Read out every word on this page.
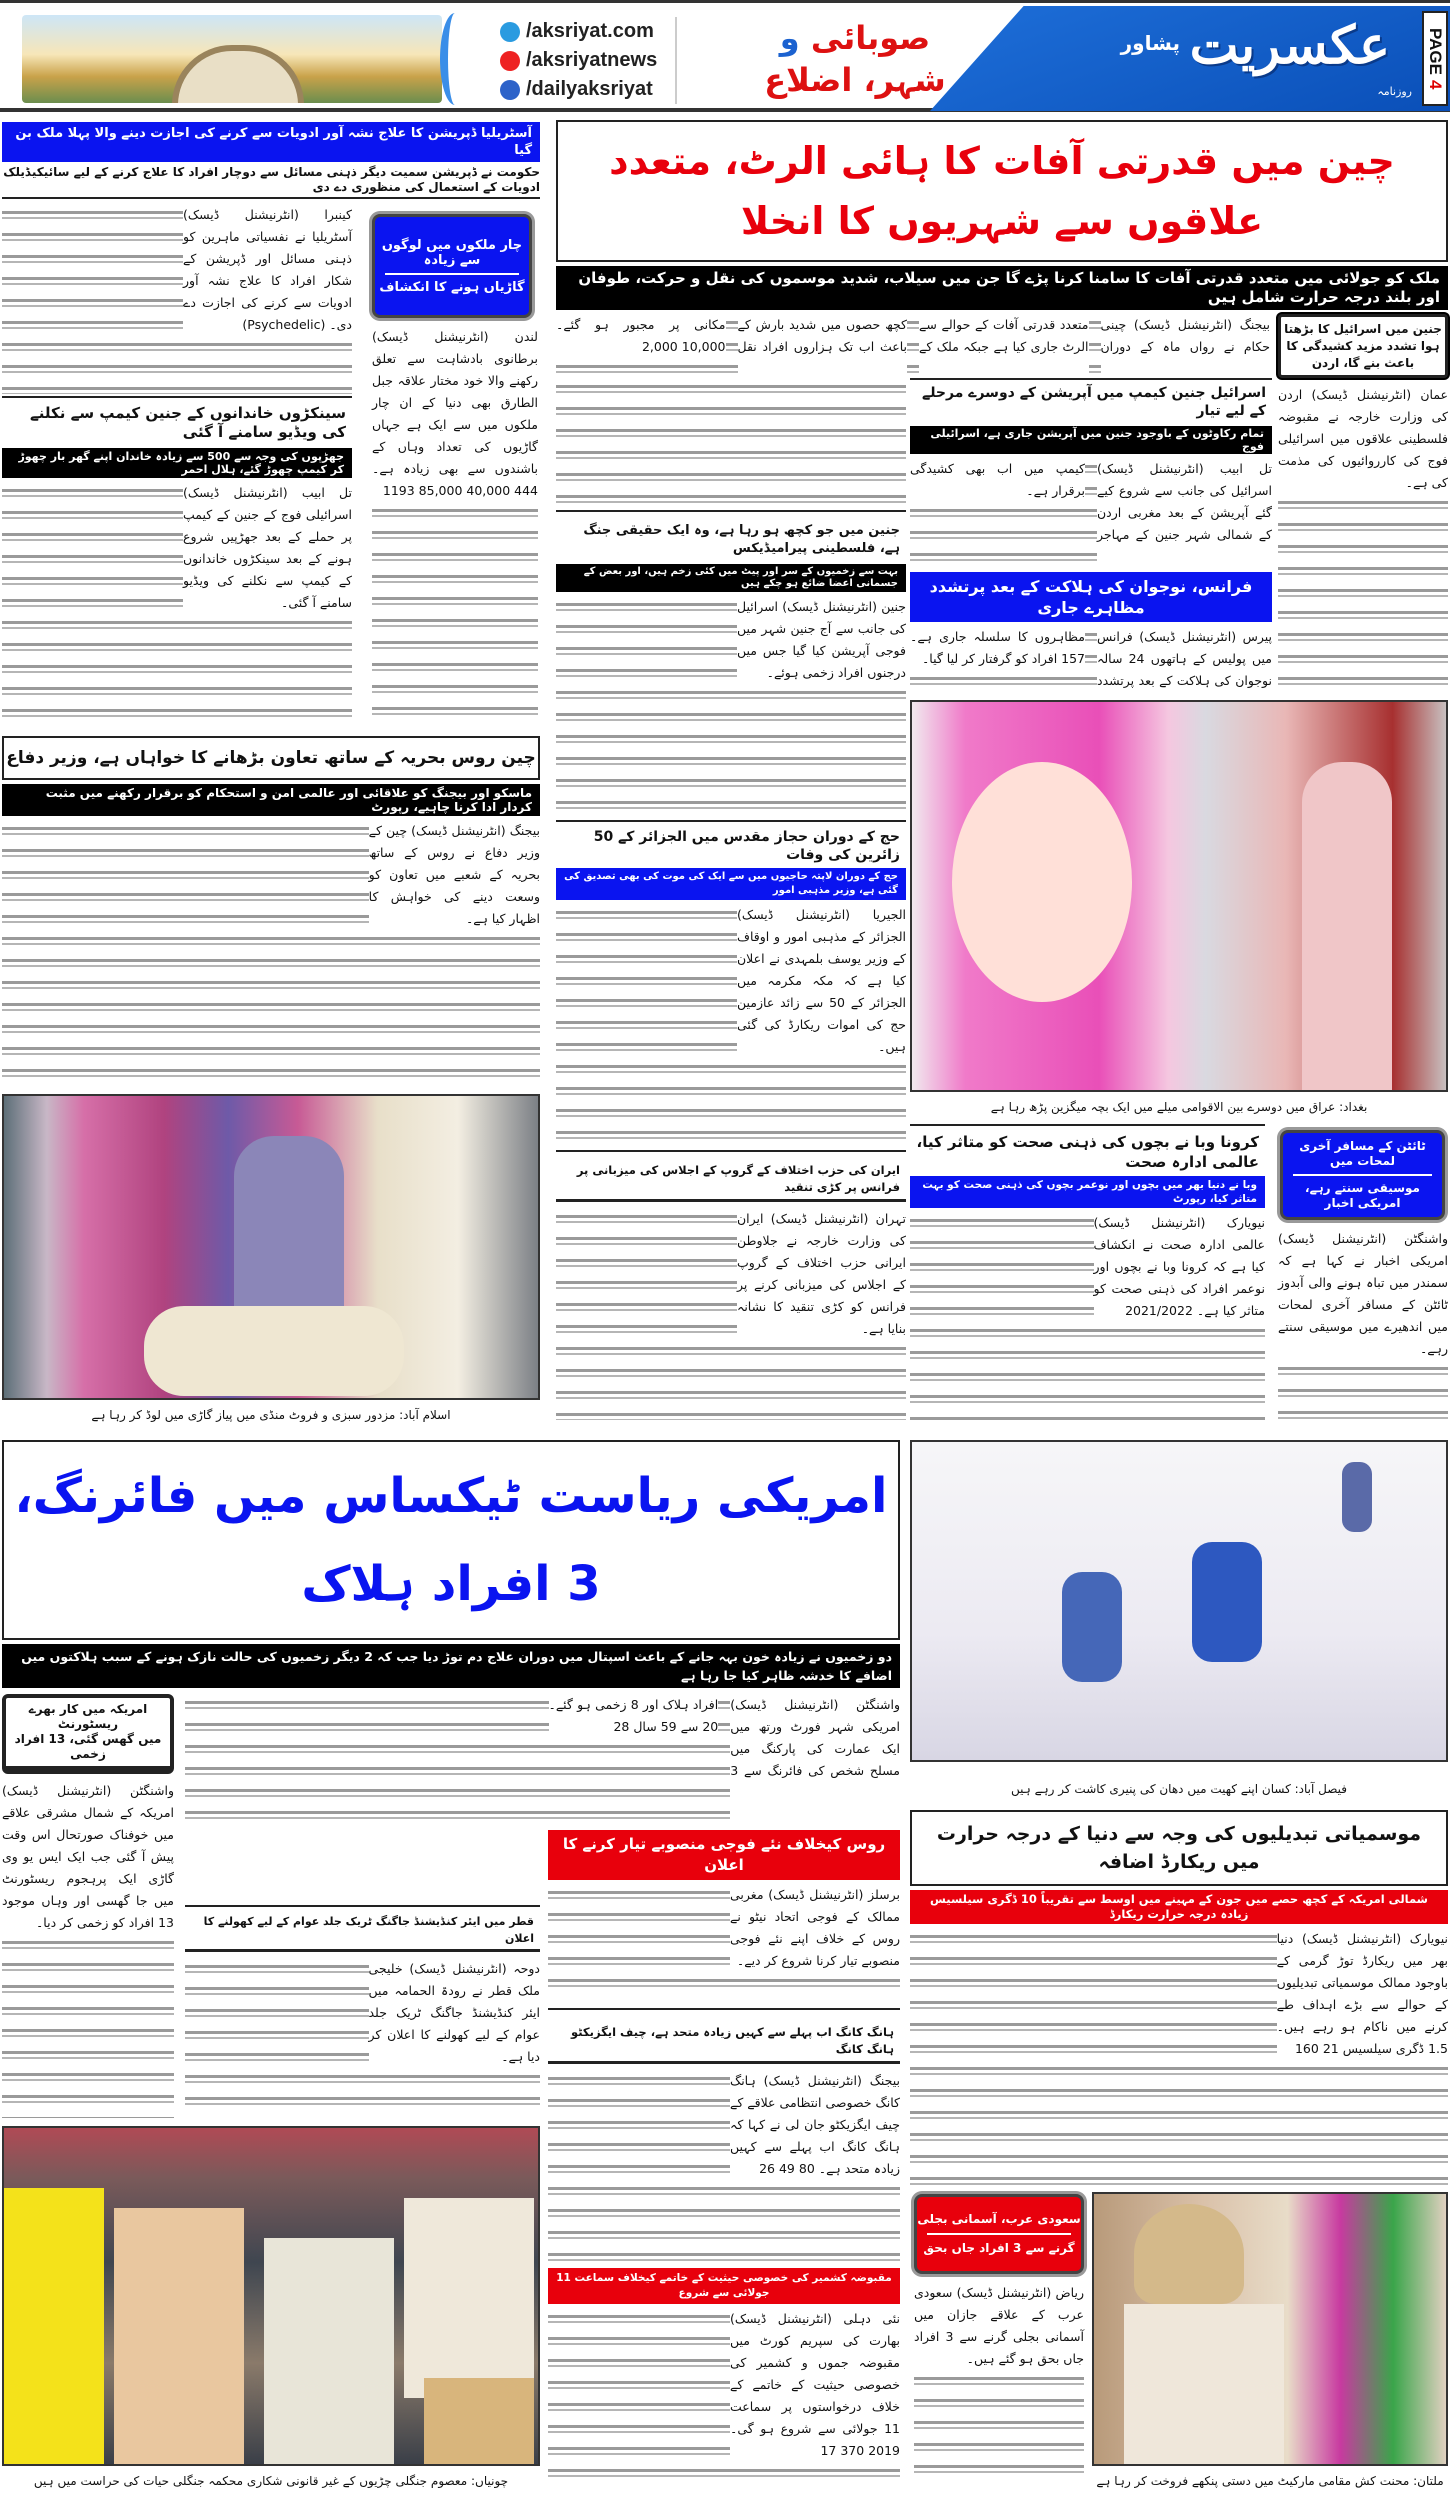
/aksriyat.com
/aksriyatnews
/dailyaksriyat
صوبائی و
شہر، اضلاع
عکسریت
پشاور
روزنامہ
PAGE

4
آسٹریلیا ڈپریشن کا علاج نشہ آور ادویات سے کرنے کی اجازت دینے والا پہلا ملک بن گیا
حکومت نے ڈپریشن سمیت دیگر ذہنی مسائل سے دوچار افراد کا علاج کرنے کے لیے سائیکیڈیلک ادویات کے استعمال کی منظوری دے دی

کینبرا (انٹرنیشنل ڈیسک) آسٹریلیا نے نفسیاتی ماہرین کو ذہنی مسائل اور ڈپریشن کے شکار افراد کا علاج نشہ آور ادویات سے کرنے کی اجازت دے دی۔ (Psychedelic)

چار ملکوں میں لوگوں سے زیادہ
گاڑیاں ہونے کا انکشاف

لندن (انٹرنیشنل ڈیسک) برطانوی بادشاہت سے تعلق رکھنے والا خود مختار علاقہ جبل الطارق بھی دنیا کے ان چار ملکوں میں سے ایک ہے جہاں گاڑیوں کی تعداد وہاں کے باشندوں سے بھی زیادہ ہے۔ 444 40,000 85,000 1193

سینکڑوں خاندانوں کے جنین کیمپ سے نکلنے کی ویڈیو سامنے آ گئی
جھڑپوں کی وجہ سے 500 سے زیادہ خاندان اپنے گھر بار چھوڑ کر کیمپ چھوڑ گئے، ہلال احمر

تل ابیب (انٹرنیشنل ڈیسک) اسرائیلی فوج کے جنین کے کیمپ پر حملے کے بعد جھڑپیں شروع ہونے کے بعد سینکڑوں خاندانوں کے کیمپ سے نکلنے کی ویڈیو سامنے آ گئی۔

چین روس بحریہ کے ساتھ تعاون بڑھانے کا خواہاں ہے، وزیر دفاع
ماسکو اور بیجنگ کو علاقائی اور عالمی امن و استحکام کو برقرار رکھنے میں مثبت کردار ادا کرنا چاہیے، رپورٹ

بیجنگ (انٹرنیشنل ڈیسک) چین کے وزیر دفاع نے روس کے ساتھ بحریہ کے شعبے میں تعاون کو وسعت دینے کی خواہش کا اظہار کیا ہے۔

اسلام آباد: مزدور سبزی و فروٹ منڈی میں پیاز گاڑی میں لوڈ کر رہا ہے
چین میں قدرتی آفات کا ہائی الرٹ، متعدد علاقوں سے شہریوں کا انخلا
ملک کو جولائی میں متعدد قدرتی آفات کا سامنا کرنا پڑے گا جن میں سیلاب، شدید موسموں کی نقل و حرکت، طوفان اور بلند درجہ حرارت شامل ہیں

بیجنگ (انٹرنیشنل ڈیسک) چینی حکام نے رواں ماہ کے دوران متعدد قدرتی آفات کے حوالے سے الرٹ جاری کیا ہے جبکہ ملک کے کچھ حصوں میں شدید بارش کے باعث اب تک ہزاروں افراد نقل مکانی پر مجبور ہو گئے۔ 10,000 2,000

جنین میں اسرائیل کا بڑھتا ہوا تشدد مزید کشیدگی کا باعث بنے گا، اردن

عمان (انٹرنیشنل ڈیسک) اردن کی وزارت خارجہ نے مقبوضہ فلسطینی علاقوں میں اسرائیلی فوج کی کارروائیوں کی مذمت کی ہے۔

اسرائیل جنین کیمپ میں آپریشن کے دوسرے مرحلے کے لیے تیار
تمام رکاوٹوں کے باوجود جنین میں آپریشن جاری ہے، اسرائیلی فوج

تل ابیب (انٹرنیشنل ڈیسک) اسرائیل کی جانب سے شروع کیے گئے آپریشن کے بعد مغربی اردن کے شمالی شہر جنین کے مہاجر کیمپ میں اب بھی کشیدگی برقرار ہے۔

فرانس، نوجوان کی ہلاکت کے بعد پرتشدد مظاہرے جاری

پیرس (انٹرنیشنل ڈیسک) فرانس میں پولیس کے ہاتھوں 24 سالہ نوجوان کی ہلاکت کے بعد پرتشدد مظاہروں کا سلسلہ جاری ہے۔ 157 افراد کو گرفتار کر لیا گیا۔

جنین میں جو کچھ ہو رہا ہے، وہ ایک حقیقی جنگ ہے، فلسطینی پیرامیڈیکس
بہت سے زخمیوں کے سر اور پیٹ میں کئی زخم ہیں، اور بعض کے جسمانی اعضا ضائع ہو چکے ہیں

جنین (انٹرنیشنل ڈیسک) اسرائیل کی جانب سے آج جنین شہر میں فوجی آپریشن کیا گیا جس میں درجنوں افراد زخمی ہوئے۔

حج کے دوران حجاز مقدس میں الجزائر کے 50 زائرین کی وفات
حج کے دوران لاپتہ حاجیوں میں سے ایک کی موت کی بھی تصدیق کی گئی ہے، وزیر مذہبی امور

الجیریا (انٹرنیشنل ڈیسک) الجزائر کے مذہبی امور و اوقاف کے وزیر یوسف بلمہدی نے اعلان کیا ہے کہ مکہ مکرمہ میں الجزائر کے 50 سے زائد عازمین حج کی اموات ریکارڈ کی گئی ہیں۔

ایران کی حزب اختلاف کے گروپ کے اجلاس کی میزبانی پر فرانس پر کڑی تنقید

تہران (انٹرنیشنل ڈیسک) ایران کی وزارت خارجہ نے جلاوطن ایرانی حزب اختلاف کے گروپ کے اجلاس کی میزبانی کرنے پر فرانس کو کڑی تنقید کا نشانہ بنایا ہے۔

بغداد: عراق میں دوسرے بین الاقوامی میلے میں ایک بچہ میگزین پڑھ رہا ہے
کرونا وبا نے بچوں کی ذہنی صحت کو متاثر کیا، عالمی ادارہ صحت
وبا نے دنیا بھر میں بچوں اور نوعمر بچوں کی ذہنی صحت کو بہت متاثر کیا، رپورٹ

نیویارک (انٹرنیشنل ڈیسک) عالمی ادارہ صحت نے انکشاف کیا ہے کہ کرونا وبا نے بچوں اور نوعمر افراد کی ذہنی صحت کو متاثر کیا ہے۔ 2021/2022

ٹائٹن کے مسافر آخری لمحات میں
موسیقی سنتے رہے، امریکی اخبار

واشنگٹن (انٹرنیشنل ڈیسک) امریکی اخبار نے کہا ہے کہ سمندر میں تباہ ہونے والی آبدوز ٹائٹن کے مسافر آخری لمحات میں اندھیرے میں موسیقی سنتے رہے۔

امریکی ریاست ٹیکساس میں فائرنگ، 3 افراد ہلاک
دو زخمیوں نے زیادہ خون بہہ جانے کے باعث اسپتال میں دوران علاج دم توڑ دیا جب کہ 2 دیگر زخمیوں کی حالت نازک ہونے کے سبب ہلاکتوں میں اضافے کا خدشہ ظاہر کیا جا رہا ہے

واشنگٹن (انٹرنیشنل ڈیسک) امریکی شہر فورٹ ورتھ میں ایک عمارت کی پارکنگ میں مسلح شخص کی فائرنگ سے 3 افراد ہلاک اور 8 زخمی ہو گئے۔ 20 سے 59 سال 28

امریکہ میں کار بھرے ریسٹورنٹ
میں گھس گئی، 13 افراد زخمی

واشنگٹن (انٹرنیشنل ڈیسک) امریکہ کے شمال مشرقی علاقے میں خوفناک صورتحال اس وقت پیش آ گئی جب ایک ایس یو وی گاڑی ایک پرہجوم ریسٹورنٹ میں جا گھسی اور وہاں موجود 13 افراد کو زخمی کر دیا۔	قطر میں ایئر کنڈیشنڈ جاگنگ ٹریک جلد عوام کے لیے کھولنے کا اعلان

دوحہ (انٹرنیشنل ڈیسک) خلیجی ملک قطر نے رودۃ الحمامہ میں ایئر کنڈیشنڈ جاگنگ ٹریک جلد عوام کے لیے کھولنے کا اعلان کر دیا ہے۔

روس کیخلاف نئے فوجی منصوبے تیار کرنے کا اعلان

برسلز (انٹرنیشنل ڈیسک) مغربی ممالک کے فوجی اتحاد نیٹو نے روس کے خلاف اپنے نئے فوجی منصوبے تیار کرنا شروع کر دیے۔

ہانگ کانگ اب پہلے سے کہیں زیادہ متحد ہے، چیف ایگزیکٹو ہانگ کانگ

بیجنگ (انٹرنیشنل ڈیسک) ہانگ کانگ خصوصی انتظامی علاقے کے چیف ایگزیکٹو جان لی نے کہا کہ ہانگ کانگ اب پہلے سے کہیں زیادہ متحد ہے۔ 80 49 26

مقبوضہ کشمیر کی خصوصی حیثیت کے خاتمے کیخلاف سماعت 11 جولائی سے شروع

نئی دہلی (انٹرنیشنل ڈیسک) بھارت کی سپریم کورٹ میں مقبوضہ جموں و کشمیر کی خصوصی حیثیت کے خاتمے کے خلاف درخواستوں پر سماعت 11 جولائی سے شروع ہو گی۔ 2019 370 17

چونیاں: معصوم جنگلی چڑیوں کے غیر قانونی شکاری محکمہ جنگلی حیات کی حراست میں ہیں
فیصل آباد: کسان اپنے کھیت میں دھان کی پنیری کاشت کر رہے ہیں
موسمیاتی تبدیلیوں کی وجہ سے دنیا کے درجہ حرارت میں ریکارڈ اضافہ
شمالی امریکہ کے کچھ حصے میں جون کے مہینے میں اوسط سے تقریباً 10 ڈگری سیلسیس زیادہ درجہ حرارت ریکارڈ

نیویارک (انٹرنیشنل ڈیسک) دنیا بھر میں ریکارڈ توڑ گرمی کے باوجود ممالک موسمیاتی تبدیلیوں کے حوالے سے بڑے اہداف طے کرنے میں ناکام ہو رہے ہیں۔ 1.5 ڈگری سیلسیس 21 160

سعودی عرب، آسمانی بجلی
گرنے سے 3 افراد جاں بحق

ریاض (انٹرنیشنل ڈیسک) سعودی عرب کے علاقے جازان میں آسمانی بجلی گرنے سے 3 افراد جاں بحق ہو گئے ہیں۔

ملتان: محنت کش مقامی مارکیٹ میں دستی پنکھے فروخت کر رہا ہے
